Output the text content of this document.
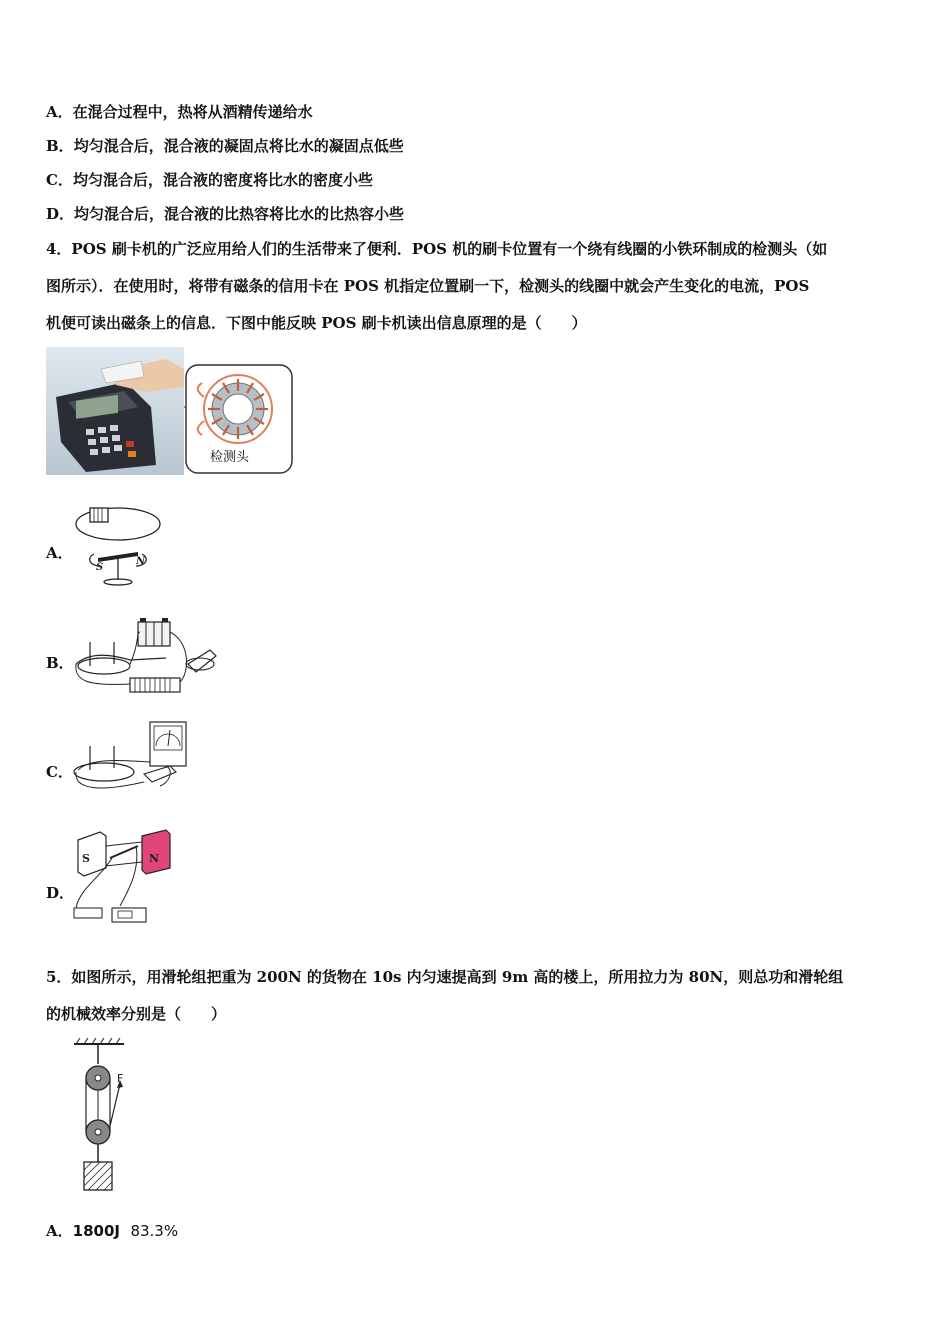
A．在混合过程中，热将从酒精传递给水
B．均匀混合后，混合液的凝固点将比水的凝固点低些
C．均匀混合后，混合液的密度将比水的密度小些
D．均匀混合后，混合液的比热容将比水的比热容小些
4．POS 刷卡机的广泛应用给人们的生活带来了便利．POS 机的刷卡位置有一个绕有线圈的小铁环制成的检测头（如
图所示）．在使用时，将带有磁条的信用卡在 POS 机指定位置刷一下，检测头的线圈中就会产生变化的电流，POS
机便可读出磁条上的信息．下图中能反映 POS 刷卡机读出信息原理的是（　　）
检测头
A．
S
N
B．
C．
D．
S	N
5．如图所示，用滑轮组把重为 200N 的货物在 10s 内匀速提高到 9m 高的楼上，所用拉力为 80N，则总功和滑轮组
的机械效率分别是（　　）
F
A．1800J 83.3%
